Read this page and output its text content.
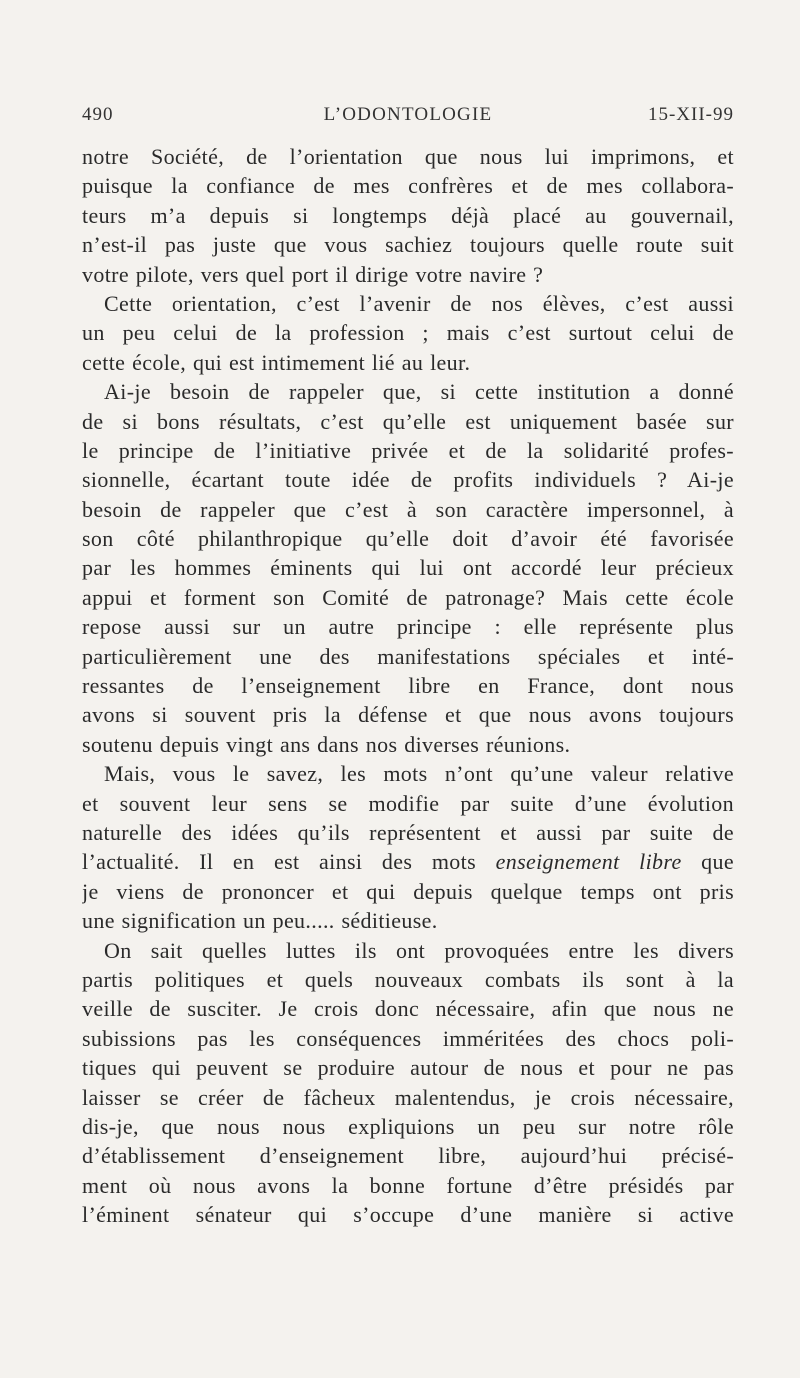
490	L’ODONTOLOGIE	15-XII-99
notre Société, de l’orientation que nous lui imprimons, et
puisque la confiance de mes confrères et de mes collabora-
teurs m’a depuis si longtemps déjà placé au gouvernail,
n’est-il pas juste que vous sachiez toujours quelle route suit
votre pilote, vers quel port il dirige votre navire ?
Cette orientation, c’est l’avenir de nos élèves, c’est aussi
un peu celui de la profession ; mais c’est surtout celui de
cette école, qui est intimement lié au leur.
Ai-je besoin de rappeler que, si cette institution a donné
de si bons résultats, c’est qu’elle est uniquement basée sur
le principe de l’initiative privée et de la solidarité profes-
sionnelle, écartant toute idée de profits individuels ? Ai-je
besoin de rappeler que c’est à son caractère impersonnel, à
son côté philanthropique qu’elle doit d’avoir été favorisée
par les hommes éminents qui lui ont accordé leur précieux
appui et forment son Comité de patronage? Mais cette école
repose aussi sur un autre principe : elle représente plus
particulièrement une des manifestations spéciales et inté-
ressantes de l’enseignement libre en France, dont nous
avons si souvent pris la défense et que nous avons toujours
soutenu depuis vingt ans dans nos diverses réunions.
Mais, vous le savez, les mots n’ont qu’une valeur relative
et souvent leur sens se modifie par suite d’une évolution
naturelle des idées qu’ils représentent et aussi par suite de
l’actualité. Il en est ainsi des mots enseignement libre que
je viens de prononcer et qui depuis quelque temps ont pris
une signification un peu..... séditieuse.
On sait quelles luttes ils ont provoquées entre les divers
partis politiques et quels nouveaux combats ils sont à la
veille de susciter. Je crois donc nécessaire, afin que nous ne
subissions pas les conséquences imméritées des chocs poli-
tiques qui peuvent se produire autour de nous et pour ne pas
laisser se créer de fâcheux malentendus, je crois nécessaire,
dis-je, que nous nous expliquions un peu sur notre rôle
d’établissement d’enseignement libre, aujourd’hui précisé-
ment où nous avons la bonne fortune d’être présidés par
l’éminent sénateur qui s’occupe d’une manière si active
